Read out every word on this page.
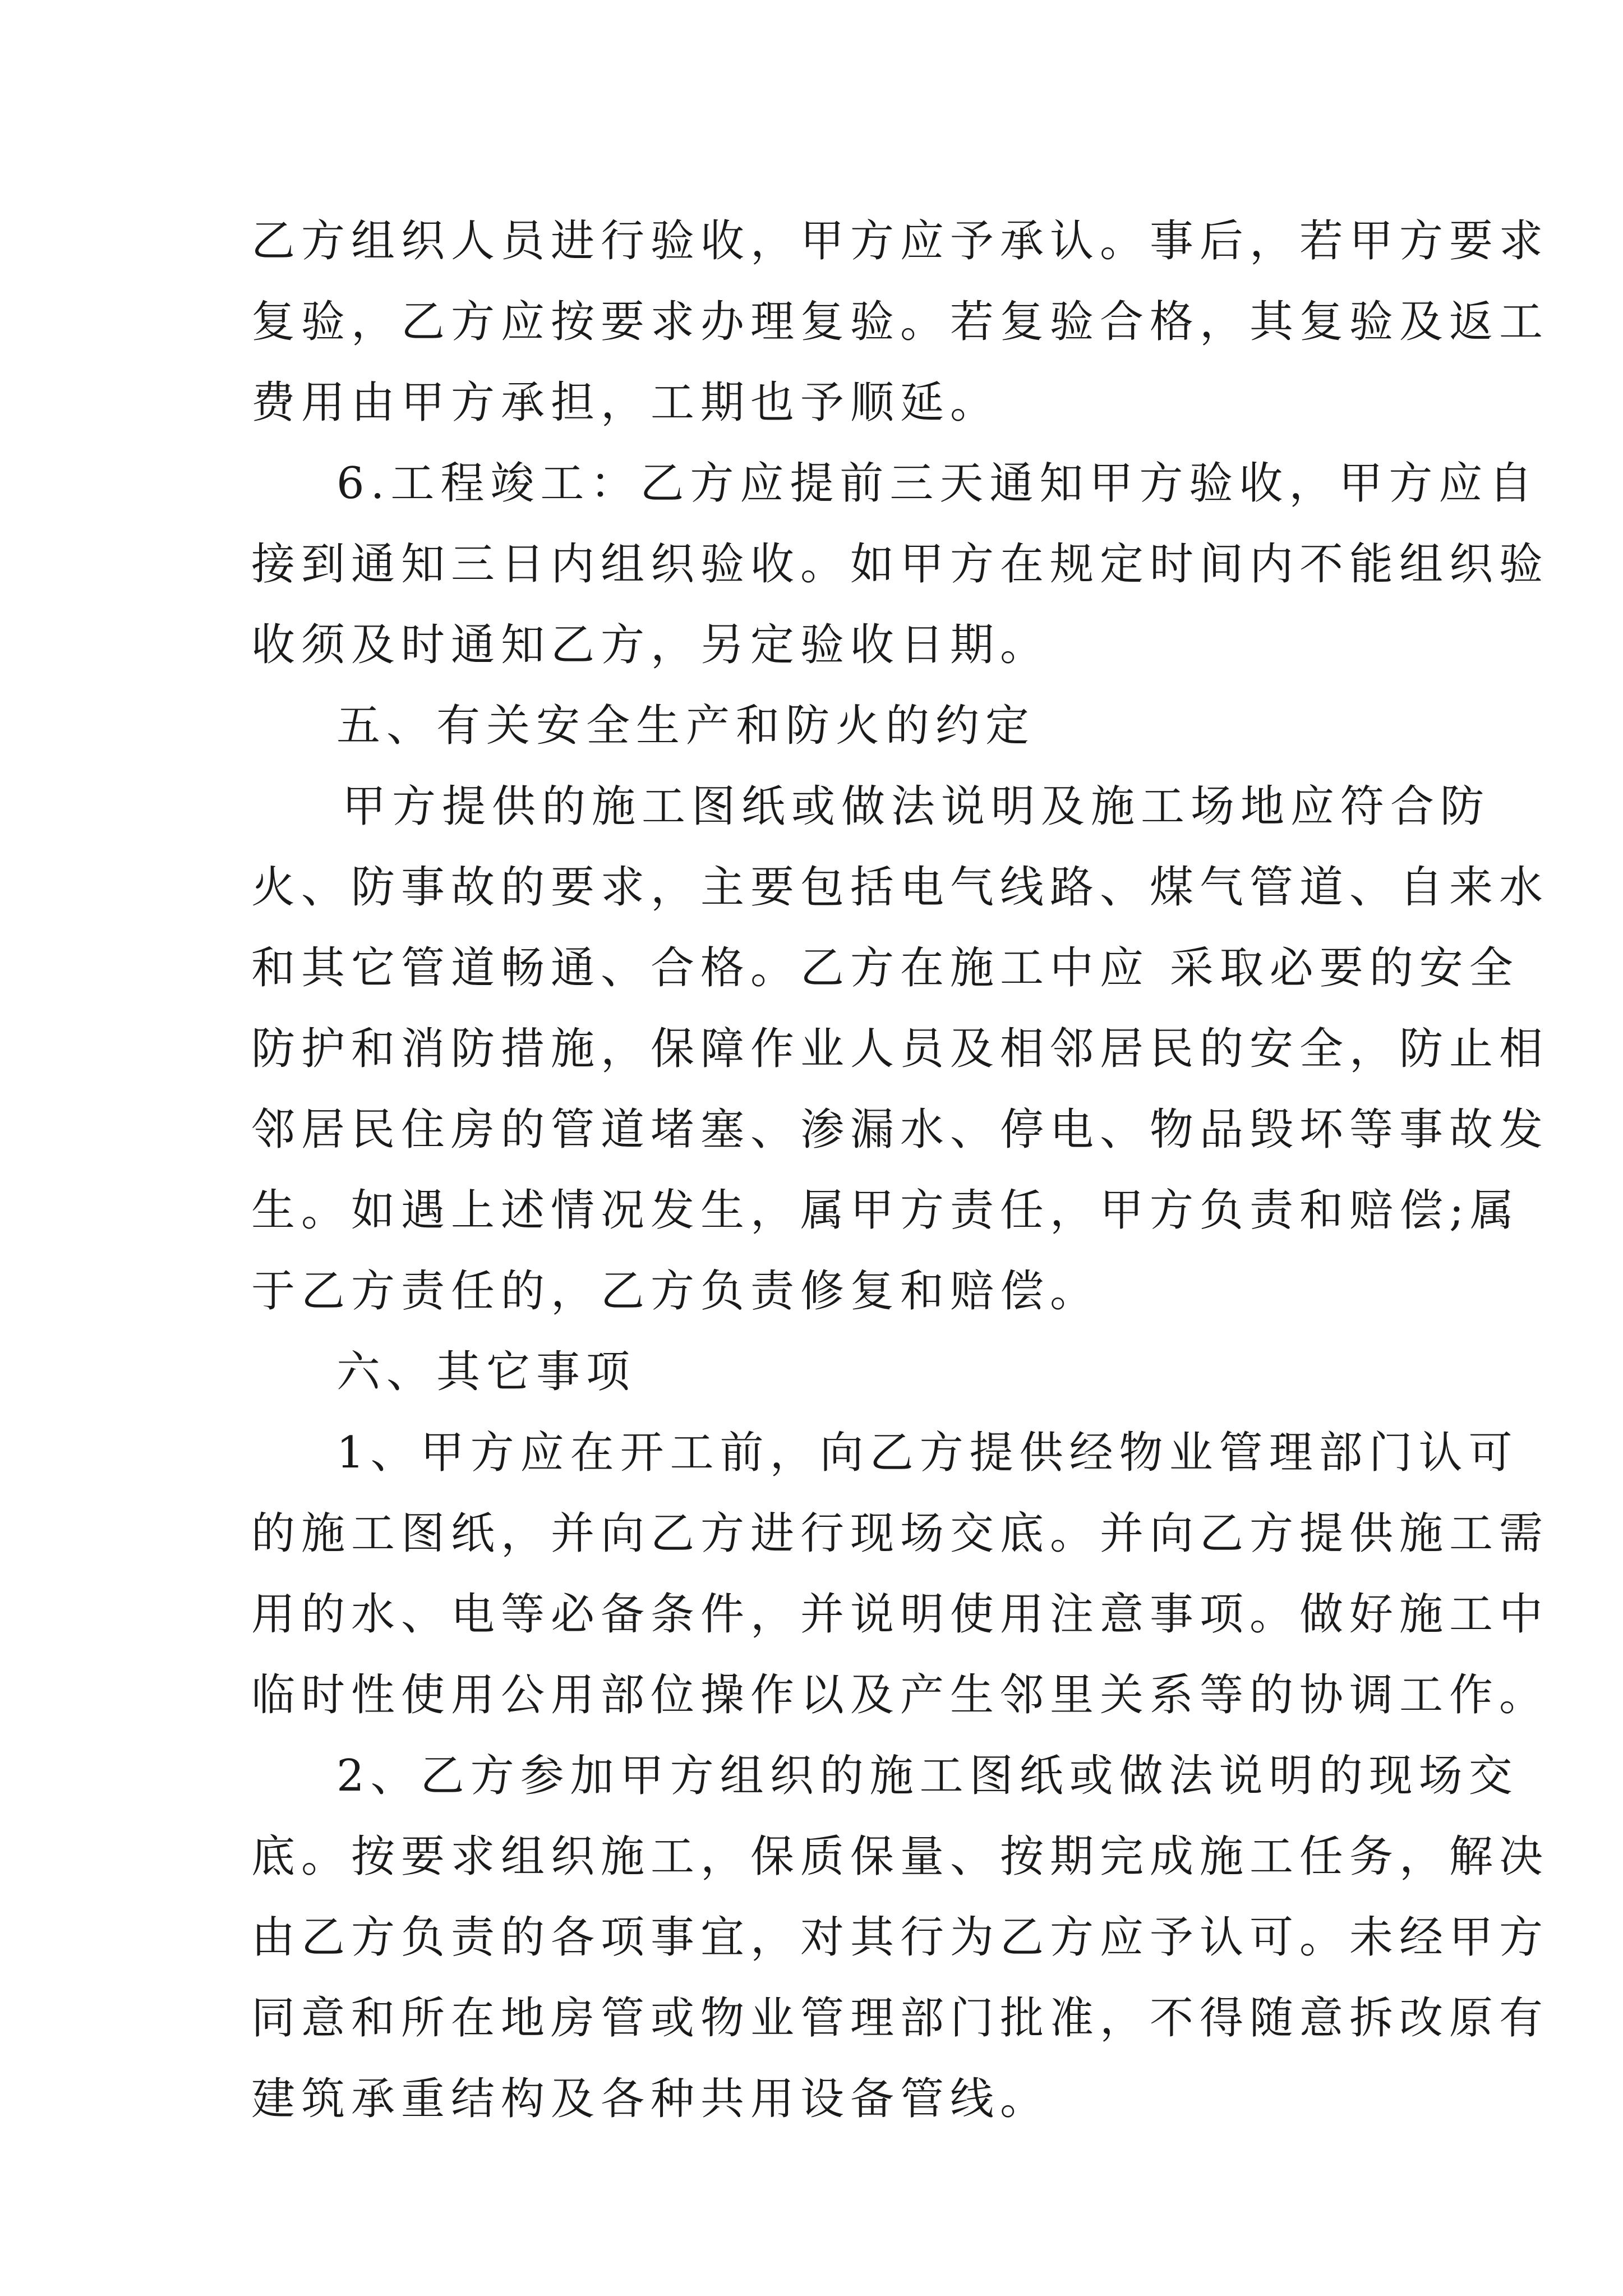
乙方组织人员进行验收，甲方应予承认。事后，若甲方要求
复验，乙方应按要求办理复验。若复验合格，其复验及返工
费用由甲方承担，工期也予顺延。
6.工程竣工：乙方应提前三天通知甲方验收，甲方应自
接到通知三日内组织验收。如甲方在规定时间内不能组织验
收须及时通知乙方，另定验收日期。
五、有关安全生产和防火的约定
甲方提供的施工图纸或做法说明及施工场地应符合防
火、防事故的要求，主要包括电气线路、煤气管道、自来水
和其它管道畅通、合格。乙方在施工中应 采取必要的安全
防护和消防措施，保障作业人员及相邻居民的安全，防止相
邻居民住房的管道堵塞、渗漏水、停电、物品毁坏等事故发
生。如遇上述情况发生，属甲方责任，甲方负责和赔偿;属
于乙方责任的，乙方负责修复和赔偿。
六、其它事项
1、甲方应在开工前，向乙方提供经物业管理部门认可
的施工图纸，并向乙方进行现场交底。并向乙方提供施工需
用的水、电等必备条件，并说明使用注意事项。做好施工中
临时性使用公用部位操作以及产生邻里关系等的协调工作。
2、乙方参加甲方组织的施工图纸或做法说明的现场交
底。按要求组织施工，保质保量、按期完成施工任务，解决
由乙方负责的各项事宜，对其行为乙方应予认可。未经甲方
同意和所在地房管或物业管理部门批准，不得随意拆改原有
建筑承重结构及各种共用设备管线。
